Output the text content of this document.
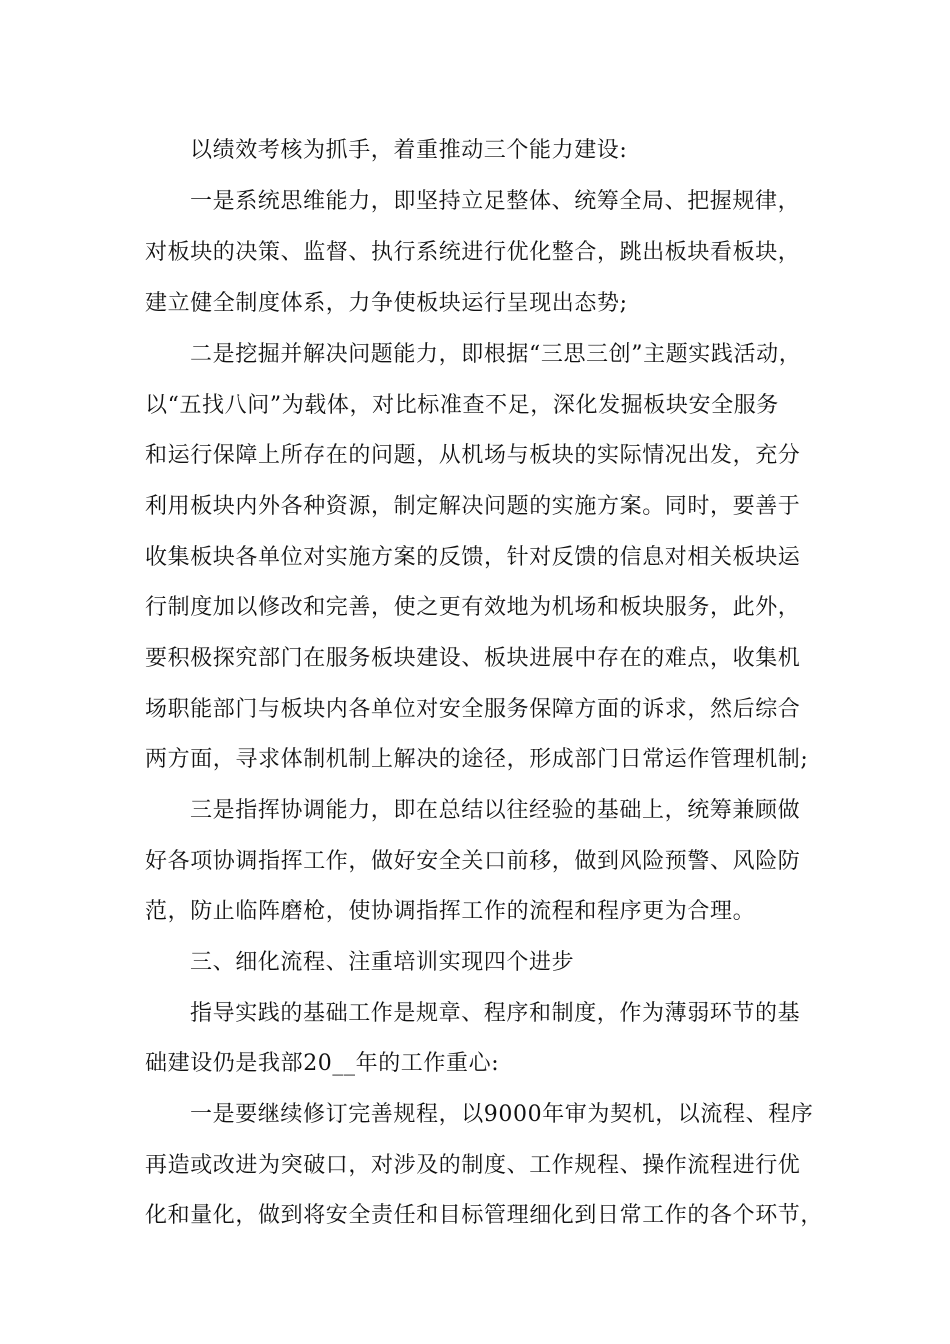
以绩效考核为抓手，着重推动三个能力建设:
一是系统思维能力，即坚持立足整体、统筹全局、把握规律，
对板块的决策、监督、执行系统进行优化整合，跳出板块看板块，
建立健全制度体系，力争使板块运行呈现出态势;
二是挖掘并解决问题能力，即根据“三思三创”主题实践活动，
以“五找八问”为载体，对比标准查不足，深化发掘板块安全服务
和运行保障上所存在的问题，从机场与板块的实际情况出发，充分
利用板块内外各种资源，制定解决问题的实施方案。同时，要善于
收集板块各单位对实施方案的反馈，针对反馈的信息对相关板块运
行制度加以修改和完善，使之更有效地为机场和板块服务，此外，
要积极探究部门在服务板块建设、板块进展中存在的难点，收集机
场职能部门与板块内各单位对安全服务保障方面的诉求，然后综合
两方面，寻求体制机制上解决的途径，形成部门日常运作管理机制;
三是指挥协调能力，即在总结以往经验的基础上，统筹兼顾做
好各项协调指挥工作，做好安全关口前移，做到风险预警、风险防
范，防止临阵磨枪，使协调指挥工作的流程和程序更为合理。
三、细化流程、注重培训实现四个进步
指导实践的基础工作是规章、程序和制度，作为薄弱环节的基
础建设仍是我部20__年的工作重心:
一是要继续修订完善规程，以9000年审为契机，以流程、程序
再造或改进为突破口，对涉及的制度、工作规程、操作流程进行优
化和量化，做到将安全责任和目标管理细化到日常工作的各个环节，
